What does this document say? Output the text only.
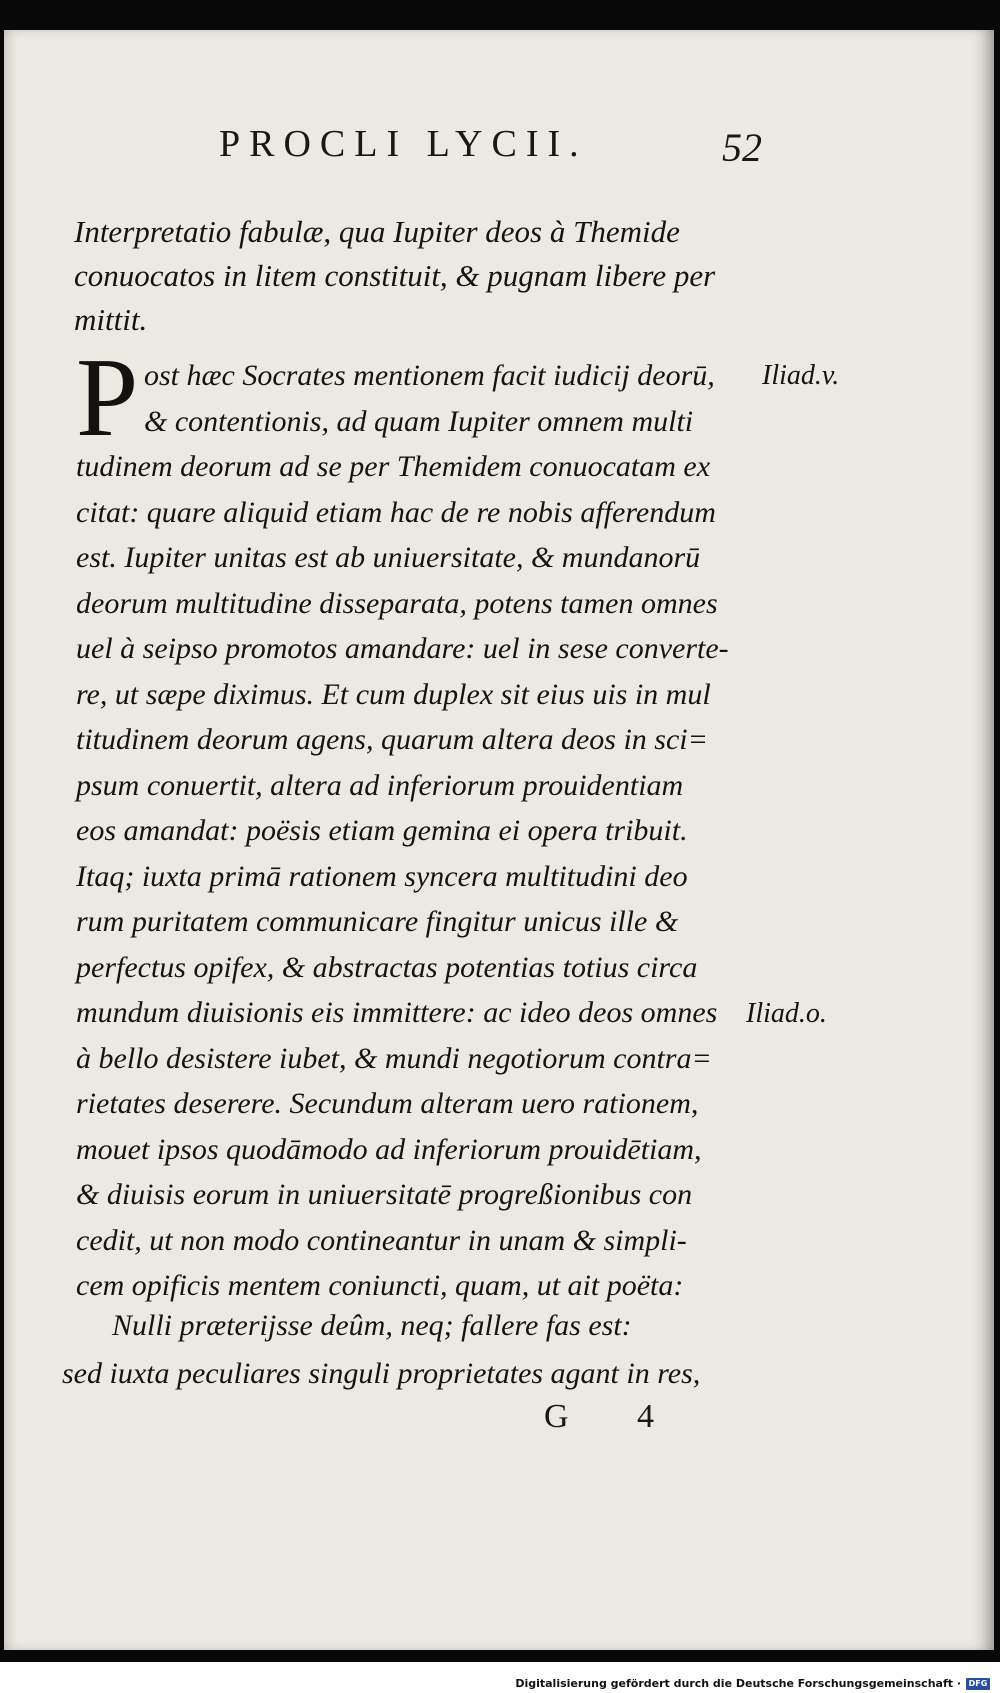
PROCLI LYCII.	52
Interpretatio fabulæ, qua Iupiter deos à Themide
conuocatos in litem constituit, & pugnam libere per
mittit.
P ost hæc Socrates mentionem facit iudicij deorū,
& contentionis, ad quam Iupiter omnem multi
tudinem deorum ad se per Themidem conuocatam ex
citat: quare aliquid etiam hac de re nobis afferendum
est. Iupiter unitas est ab uniuersitate, & mundanorū
deorum multitudine disseparata, potens tamen omnes
uel à seipso promotos amandare: uel in sese converte-
re, ut sæpe diximus. Et cum duplex sit eius uis in mul
titudinem deorum agens, quarum altera deos in sci=
psum conuertit, altera ad inferiorum prouidentiam
eos amandat: poësis etiam gemina ei opera tribuit.
Itaq; iuxta primā rationem syncera multitudini deo
rum puritatem communicare fingitur unicus ille &
perfectus opifex, & abstractas potentias totius circa
mundum diuisionis eis immittere: ac ideo deos omnes
à bello desistere iubet, & mundi negotiorum contra=
rietates deserere. Secundum alteram uero rationem,
mouet ipsos quodāmodo ad inferiorum prouidētiam,
& diuisis eorum in uniuersitatē progreßionibus con
cedit, ut non modo contineantur in unam & simpli-
cem opificis mentem coniuncti, quam, ut ait poëta:
Iliad.v.
Iliad.o.
Nulli præterijsse deûm, neq; fallere fas est:
sed iuxta peculiares singuli proprietates agant in res,
G 4
Digitalisierung gefördert durch die Deutsche Forschungsgemeinschaft · DFG
